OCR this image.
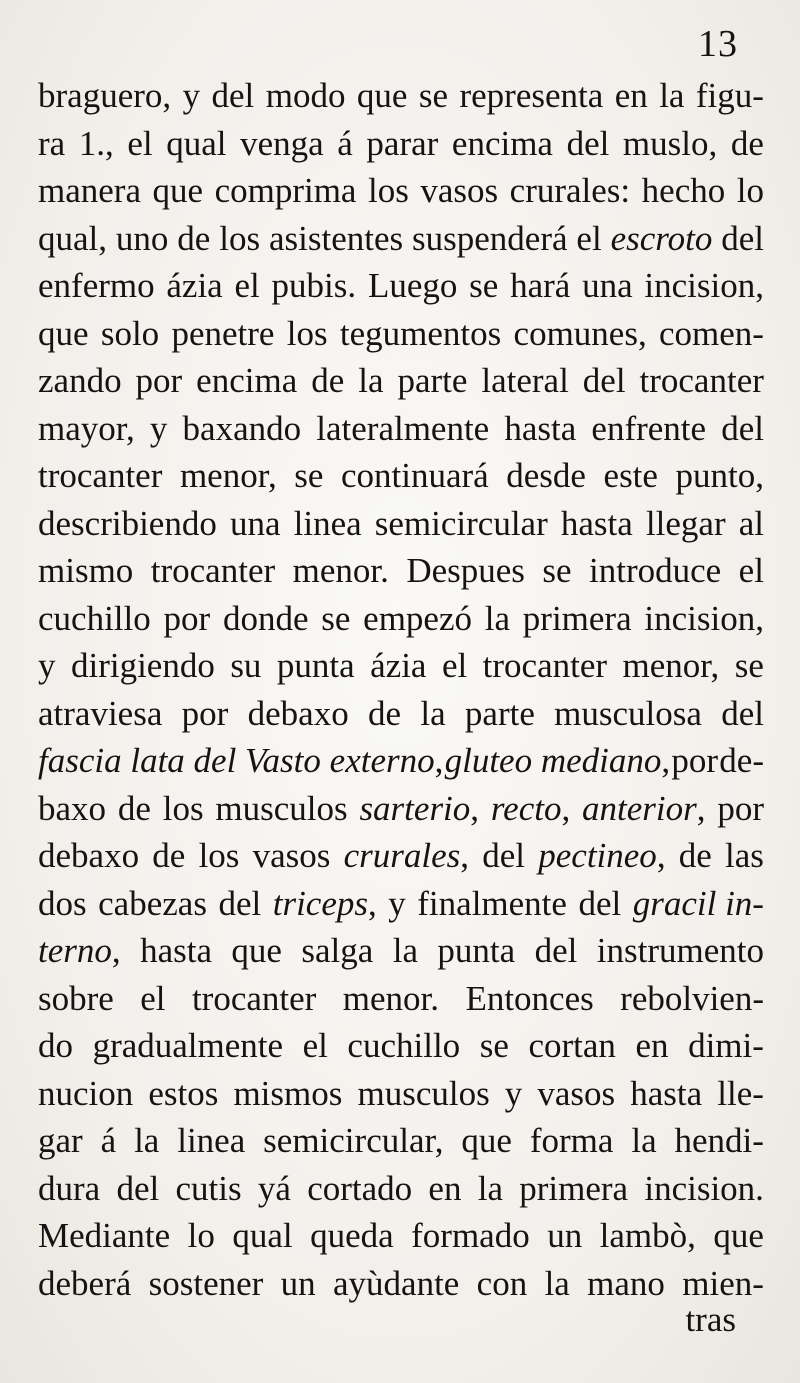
13
braguero, y del modo que se representa en la figu-
ra 1., el qual venga á parar encima del muslo, de
manera que comprima los vasos crurales: hecho lo
qual, uno de los asistentes suspenderá el escroto del
enfermo ázia el pubis. Luego se hará una incision,
que solo penetre los tegumentos comunes, comen-
zando por encima de la parte lateral del trocanter
mayor, y baxando lateralmente hasta enfrente del
trocanter menor, se continuará desde este punto,
describiendo una linea semicircular hasta llegar al
mismo trocanter menor. Despues se introduce el
cuchillo por donde se empezó la primera incision,
y dirigiendo su punta ázia el trocanter menor, se
atraviesa por debaxo de la parte musculosa del
fascia lata del Vasto externo, gluteo mediano, por de-
baxo de los musculos sarterio, recto, anterior, por
debaxo de los vasos crurales, del pectineo, de las
dos cabezas del triceps, y finalmente del gracil in-
terno, hasta que salga la punta del instrumento
sobre el trocanter menor. Entonces rebolvien-
do gradualmente el cuchillo se cortan en dimi-
nucion estos mismos musculos y vasos hasta lle-
gar á la linea semicircular, que forma la hendi-
dura del cutis yá cortado en la primera incision.
Mediante lo qual queda formado un lambò, que
deberá sostener un ayùdante con la mano mien-
tras
